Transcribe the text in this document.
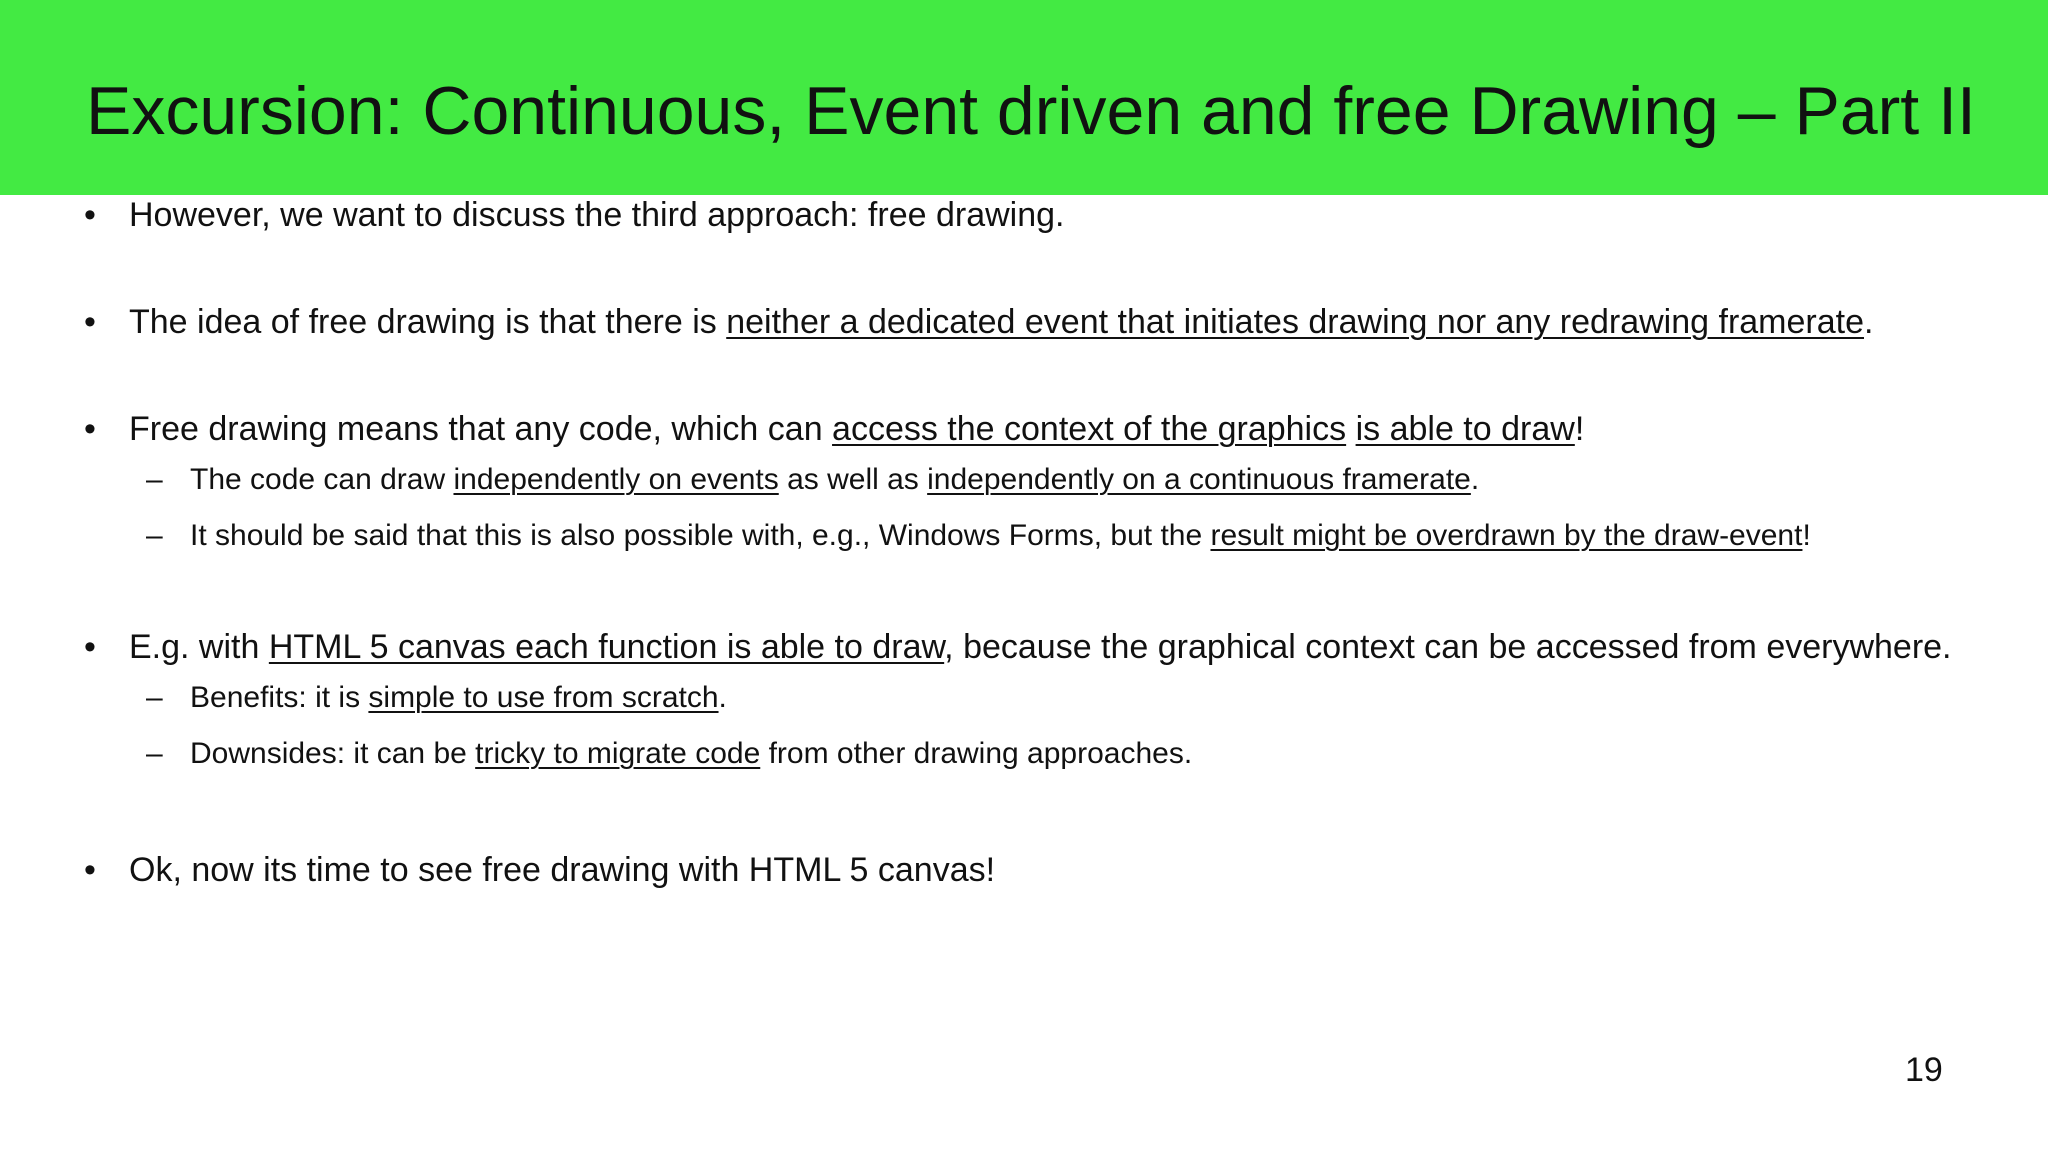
Excursion: Continuous, Event driven and free Drawing – Part II
• However, we want to discuss the third approach: free drawing.
• The idea of free drawing is that there is neither a dedicated event that initiates drawing nor any redrawing framerate.
• Free drawing means that any code, which can access the context of the graphics is able to draw!
– The code can draw independently on events as well as independently on a continuous framerate.
– It should be said that this is also possible with, e.g., Windows Forms, but the result might be overdrawn by the draw-event!
• E.g. with HTML 5 canvas each function is able to draw, because the graphical context can be accessed from everywhere.
– Benefits: it is simple to use from scratch.
– Downsides: it can be tricky to migrate code from other drawing approaches.
• Ok, now its time to see free drawing with HTML 5 canvas!
19
